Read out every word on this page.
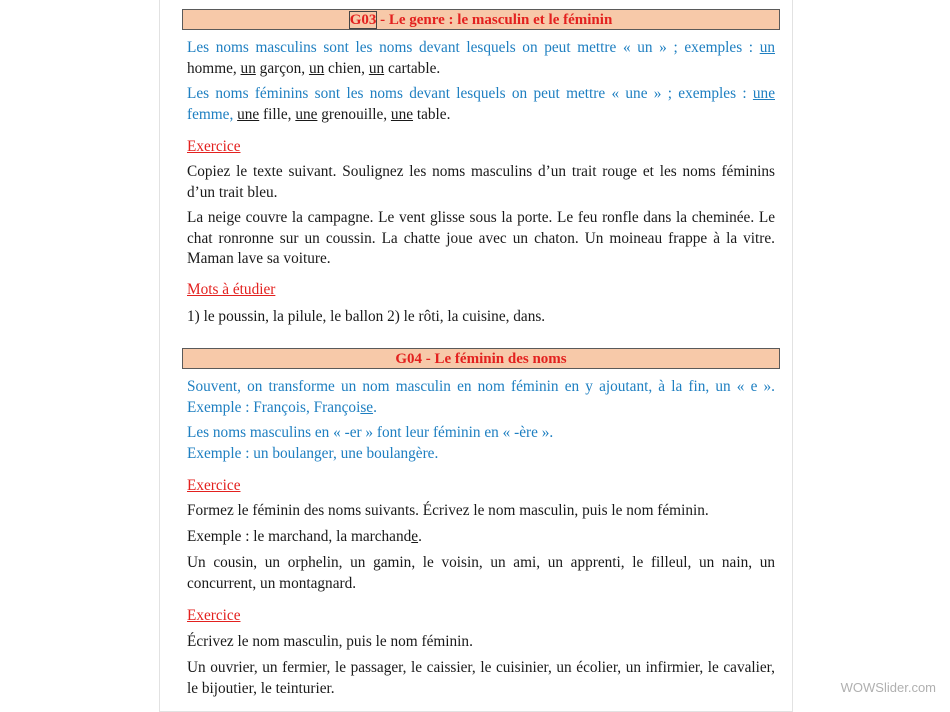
G03 - Le genre : le masculin et le féminin
Les noms masculins sont les noms devant lesquels on peut mettre « un » ; exemples : un homme, un garçon, un chien, un cartable.
Les noms féminins sont les noms devant lesquels on peut mettre « une » ; exemples : une femme, une fille, une grenouille, une table.
Exercice
Copiez le texte suivant. Soulignez les noms masculins d’un trait rouge et les noms féminins d’un trait bleu.
La neige couvre la campagne. Le vent glisse sous la porte. Le feu ronfle dans la cheminée. Le chat ronronne sur un coussin. La chatte joue avec un chaton. Un moineau frappe à la vitre. Maman lave sa voiture.
Mots à étudier
1) le poussin, la pilule, le ballon 2) le rôti, la cuisine, dans.
G04 - Le féminin des noms
Souvent, on transforme un nom masculin en nom féminin en y ajoutant, à la fin, un « e ». Exemple : François, Françoise.
Les noms masculins en « -er » font leur féminin en « -ère ».
Exemple : un boulanger, une boulangère.
Exercice
Formez le féminin des noms suivants. Écrivez le nom masculin, puis le nom féminin.
Exemple : le marchand, la marchande.
Un cousin, un orphelin, un gamin, le voisin, un ami, un apprenti, le filleul, un nain, un concurrent, un montagnard.
Exercice
Écrivez le nom masculin, puis le nom féminin.
Un ouvrier, un fermier, le passager, le caissier, le cuisinier, un écolier, un infirmier, le cavalier, le bijoutier, le teinturier.	WOWSlider.com
